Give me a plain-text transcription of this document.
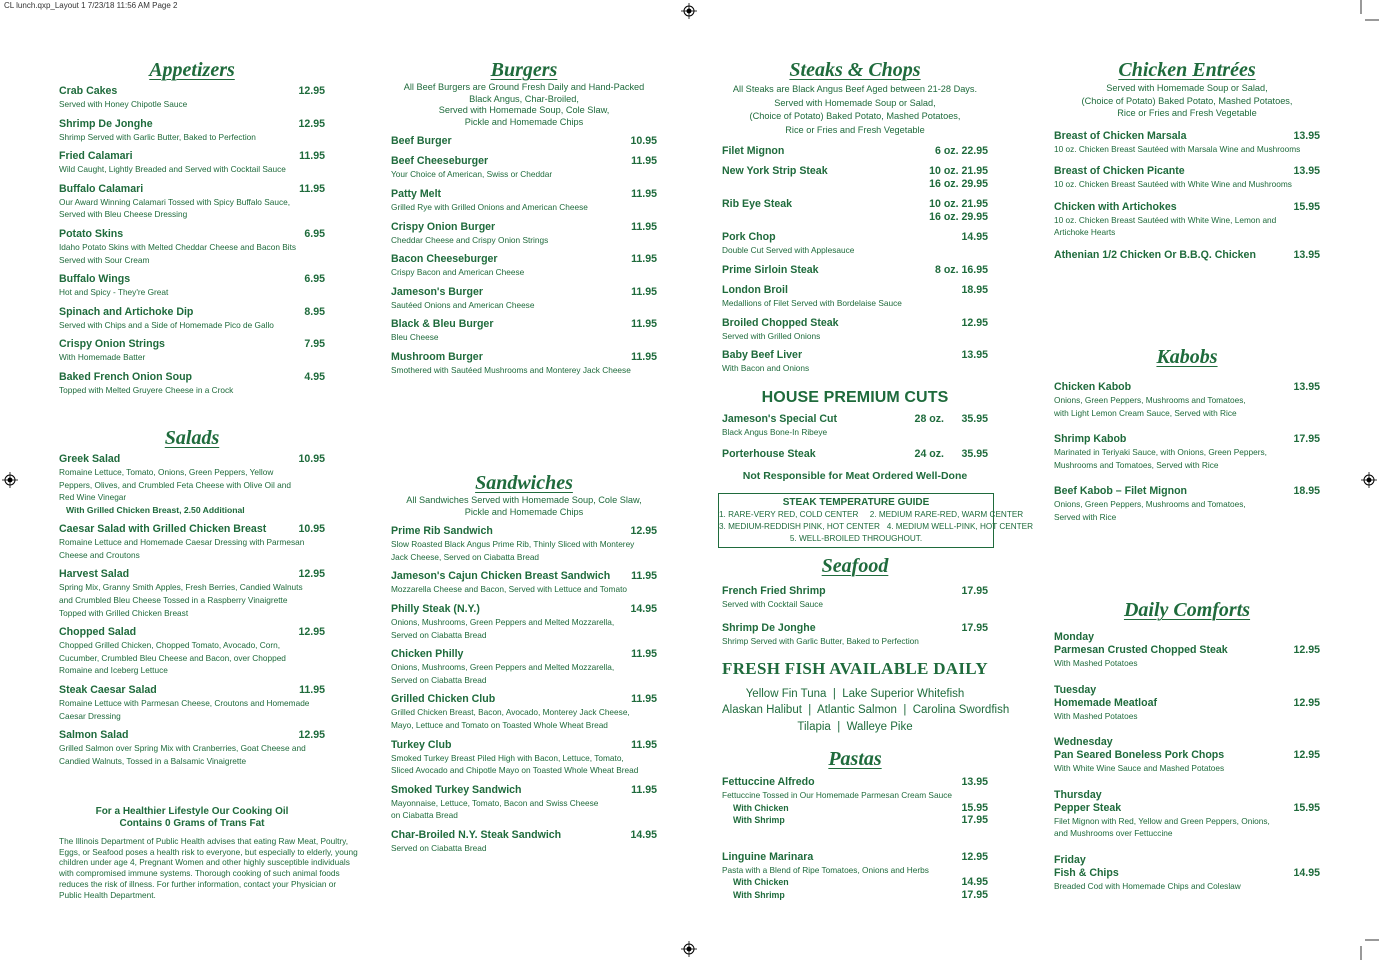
CL lunch.qxp_Layout 1 7/23/18 11:56 AM Page 2
Appetizers
Crab Cakes	12.95
Served with Honey Chipotle Sauce
Shrimp De Jonghe	12.95
Shrimp Served with Garlic Butter, Baked to Perfection
Fried Calamari	11.95
Wild Caught, Lightly Breaded and Served with Cocktail Sauce
Buffalo Calamari	11.95
Our Award Winning Calamari Tossed with Spicy Buffalo Sauce,
Served with Bleu Cheese Dressing
Potato Skins	6.95
Idaho Potato Skins with Melted Cheddar Cheese and Bacon Bits
Served with Sour Cream
Buffalo Wings	6.95
Hot and Spicy - They're Great
Spinach and Artichoke Dip	8.95
Served with Chips and a Side of Homemade Pico de Gallo
Crispy Onion Strings	7.95
With Homemade Batter
Baked French Onion Soup	4.95
Topped with Melted Gruyere Cheese in a Crock
Salads
Greek Salad	10.95
Romaine Lettuce, Tomato, Onions, Green Peppers, Yellow
Peppers, Olives, and Crumbled Feta Cheese with Olive Oil and
Red Wine Vinegar
With Grilled Chicken Breast, 2.50 Additional
Caesar Salad with Grilled Chicken Breast	10.95
Romaine Lettuce and Homemade Caesar Dressing with Parmesan
Cheese and Croutons
Harvest Salad	12.95
Spring Mix, Granny Smith Apples, Fresh Berries, Candied Walnuts
and Crumbled Bleu Cheese Tossed in a Raspberry Vinaigrette
Topped with Grilled Chicken Breast
Chopped Salad	12.95
Chopped Grilled Chicken, Chopped Tomato, Avocado, Corn,
Cucumber, Crumbled Bleu Cheese and Bacon, over Chopped
Romaine and Iceberg Lettuce
Steak Caesar Salad	11.95
Romaine Lettuce with Parmesan Cheese, Croutons and Homemade
Caesar Dressing
Salmon Salad	12.95
Grilled Salmon over Spring Mix with Cranberries, Goat Cheese and
Candied Walnuts, Tossed in a Balsamic Vinaigrette
For a Healthier Lifestyle Our Cooking Oil
Contains 0 Grams of Trans Fat
The Illinois Department of Public Health advises that eating Raw Meat, Poultry,
Eggs, or Seafood poses a health risk to everyone, but especially to elderly, young
children under age 4, Pregnant Women and other highly susceptible individuals
with compromised immune systems. Thorough cooking of such animal foods
reduces the risk of illness. For further information, contact your Physician or
Public Health Department.
Burgers
All Beef Burgers are Ground Fresh Daily and Hand-Packed
Black Angus, Char-Broiled,
Served with Homemade Soup, Cole Slaw,
Pickle and Homemade Chips
Beef Burger	10.95
Beef Cheeseburger	11.95
Your Choice of American, Swiss or Cheddar
Patty Melt	11.95
Grilled Rye with Grilled Onions and American Cheese
Crispy Onion Burger	11.95
Cheddar Cheese and Crispy Onion Strings
Bacon Cheeseburger	11.95
Crispy Bacon and American Cheese
Jameson's Burger	11.95
Sautéed Onions and American Cheese
Black & Bleu Burger	11.95
Bleu Cheese
Mushroom Burger	11.95
Smothered with Sautéed Mushrooms and Monterey Jack Cheese
Sandwiches
All Sandwiches Served with Homemade Soup, Cole Slaw,
Pickle and Homemade Chips
Prime Rib Sandwich	12.95
Slow Roasted Black Angus Prime Rib, Thinly Sliced with Monterey
Jack Cheese, Served on Ciabatta Bread
Jameson's Cajun Chicken Breast Sandwich	11.95
Mozzarella Cheese and Bacon, Served with Lettuce and Tomato
Philly Steak (N.Y.)	14.95
Onions, Mushrooms, Green Peppers and Melted Mozzarella,
Served on Ciabatta Bread
Chicken Philly	11.95
Onions, Mushrooms, Green Peppers and Melted Mozzarella,
Served on Ciabatta Bread
Grilled Chicken Club	11.95
Grilled Chicken Breast, Bacon, Avocado, Monterey Jack Cheese,
Mayo, Lettuce and Tomato on Toasted Whole Wheat Bread
Turkey Club	11.95
Smoked Turkey Breast Piled High with Bacon, Lettuce, Tomato,
Sliced Avocado and Chipotle Mayo on Toasted Whole Wheat Bread
Smoked Turkey Sandwich	11.95
Mayonnaise, Lettuce, Tomato, Bacon and Swiss Cheese
on Ciabatta Bread
Char-Broiled N.Y. Steak Sandwich	14.95
Served on Ciabatta Bread
Steaks & Chops
All Steaks are Black Angus Beef Aged between 21-28 Days.
Served with Homemade Soup or Salad,
(Choice of Potato) Baked Potato, Mashed Potatoes,
Rice or Fries and Fresh Vegetable
Filet Mignon	6 oz. 22.95
New York Strip Steak	10 oz. 21.95
16 oz. 29.95
Rib Eye Steak	10 oz. 21.95
16 oz. 29.95
Pork Chop	14.95
Double Cut Served with Applesauce
Prime Sirloin Steak	8 oz. 16.95
London Broil	18.95
Medallions of Filet Served with Bordelaise Sauce
Broiled Chopped Steak	12.95
Served with Grilled Onions
Baby Beef Liver	13.95
With Bacon and Onions
HOUSE PREMIUM CUTS
Jameson's Special Cut	28 oz. 35.95
Black Angus Bone-In Ribeye
Porterhouse Steak	24 oz. 35.95
Not Responsible for Meat Ordered Well-Done
STEAK TEMPERATURE GUIDE
1. RARE-VERY RED, COLD CENTER     2. MEDIUM RARE-RED, WARM CENTER
3. MEDIUM-REDDISH PINK, HOT CENTER   4. MEDIUM WELL-PINK, HOT CENTER
5. WELL-BROILED THROUGHOUT.
Seafood
French Fried Shrimp	17.95
Served with Cocktail Sauce
Shrimp De Jonghe	17.95
Shrimp Served with Garlic Butter, Baked to Perfection
FRESH FISH AVAILABLE DAILY
Yellow Fin Tuna  |  Lake Superior Whitefish
Alaskan Halibut  |  Atlantic Salmon  |  Carolina Swordfish
Tilapia  |  Walleye Pike
Pastas
Fettuccine Alfredo	13.95
Fettuccine Tossed in Our Homemade Parmesan Cream Sauce
With Chicken	15.95
With Shrimp	17.95
Linguine Marinara	12.95
Pasta with a Blend of Ripe Tomatoes, Onions and Herbs
With Chicken	14.95
With Shrimp	17.95
Chicken Entrées
Served with Homemade Soup or Salad,
(Choice of Potato) Baked Potato, Mashed Potatoes,
Rice or Fries and Fresh Vegetable
Breast of Chicken Marsala	13.95
10 oz. Chicken Breast Sautéed with Marsala Wine and Mushrooms
Breast of Chicken Picante	13.95
10 oz. Chicken Breast Sautéed with White Wine and Mushrooms
Chicken with Artichokes	15.95
10 oz. Chicken Breast Sautéed with White Wine, Lemon and
Artichoke Hearts
Athenian 1/2 Chicken Or B.B.Q. Chicken	13.95
Kabobs
Chicken Kabob	13.95
Onions, Green Peppers, Mushrooms and Tomatoes,
with Light Lemon Cream Sauce, Served with Rice
Shrimp Kabob	17.95
Marinated in Teriyaki Sauce, with Onions, Green Peppers,
Mushrooms and Tomatoes, Served with Rice
Beef Kabob – Filet Mignon	18.95
Onions, Green Peppers, Mushrooms and Tomatoes,
Served with Rice
Daily Comforts
Monday
Parmesan Crusted Chopped Steak	12.95
With Mashed Potatoes
Tuesday
Homemade Meatloaf	12.95
With Mashed Potatoes
Wednesday
Pan Seared Boneless Pork Chops	12.95
With White Wine Sauce and Mashed Potatoes
Thursday
Pepper Steak	15.95
Filet Mignon with Red, Yellow and Green Peppers, Onions,
and Mushrooms over Fettuccine
Friday
Fish & Chips	14.95
Breaded Cod with Homemade Chips and Coleslaw
